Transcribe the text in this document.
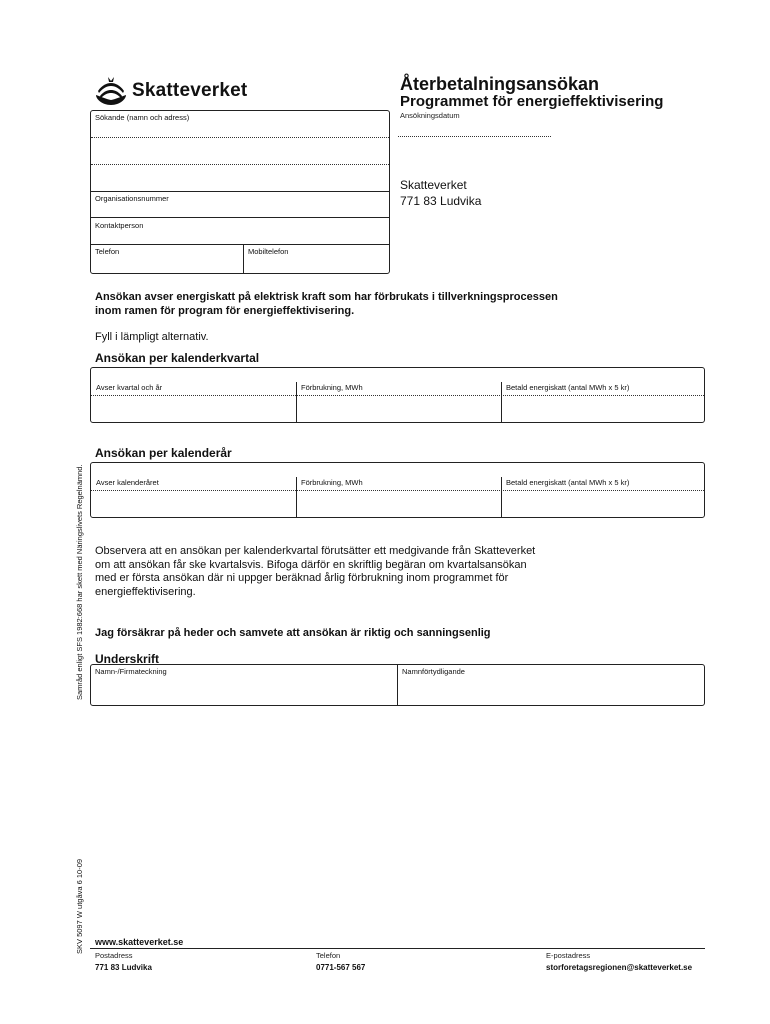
Skatteverket	Återbetalningsansökan
Programmet för energieffektivisering
Sökande (namn och adress)
Organisationsnummer
Kontaktperson
Telefon	Mobiltelefon
Ansökningsdatum
Skatteverket
771 83 Ludvika
Ansökan avser energiskatt på elektrisk kraft som har förbrukats i tillverkningsprocessen
inom ramen för program för energieffektivisering.
Fyll i lämpligt alternativ.
Ansökan per kalenderkvartal
Avser kvartal och år	Förbrukning, MWh	Betald energiskatt (antal MWh x 5 kr)
Ansökan per kalenderår
Avser kalenderåret	Förbrukning, MWh	Betald energiskatt (antal MWh x 5 kr)
Observera att en ansökan per kalenderkvartal förutsätter ett medgivande från Skatteverket
om att ansökan får ske kvartalsvis. Bifoga därför en skriftlig begäran om kvartalsansökan
med er första ansökan där ni uppger beräknad årlig förbrukning inom programmet för
energieffektivisering.
Jag försäkrar på heder och samvete att ansökan är riktig och sanningsenlig
Underskrift
Namn-/Firmateckning	Namnförtydligande
Samråd enligt SFS 1982:668 har skett med Näringslivets Regelnämnd.
SKV 5097 W utgåva 6 10-09 www.skatteverket.se
Postadress
771 83 Ludvika
Telefon
0771-567 567
E-postadress
storforetagsregionen@skatteverket.se
